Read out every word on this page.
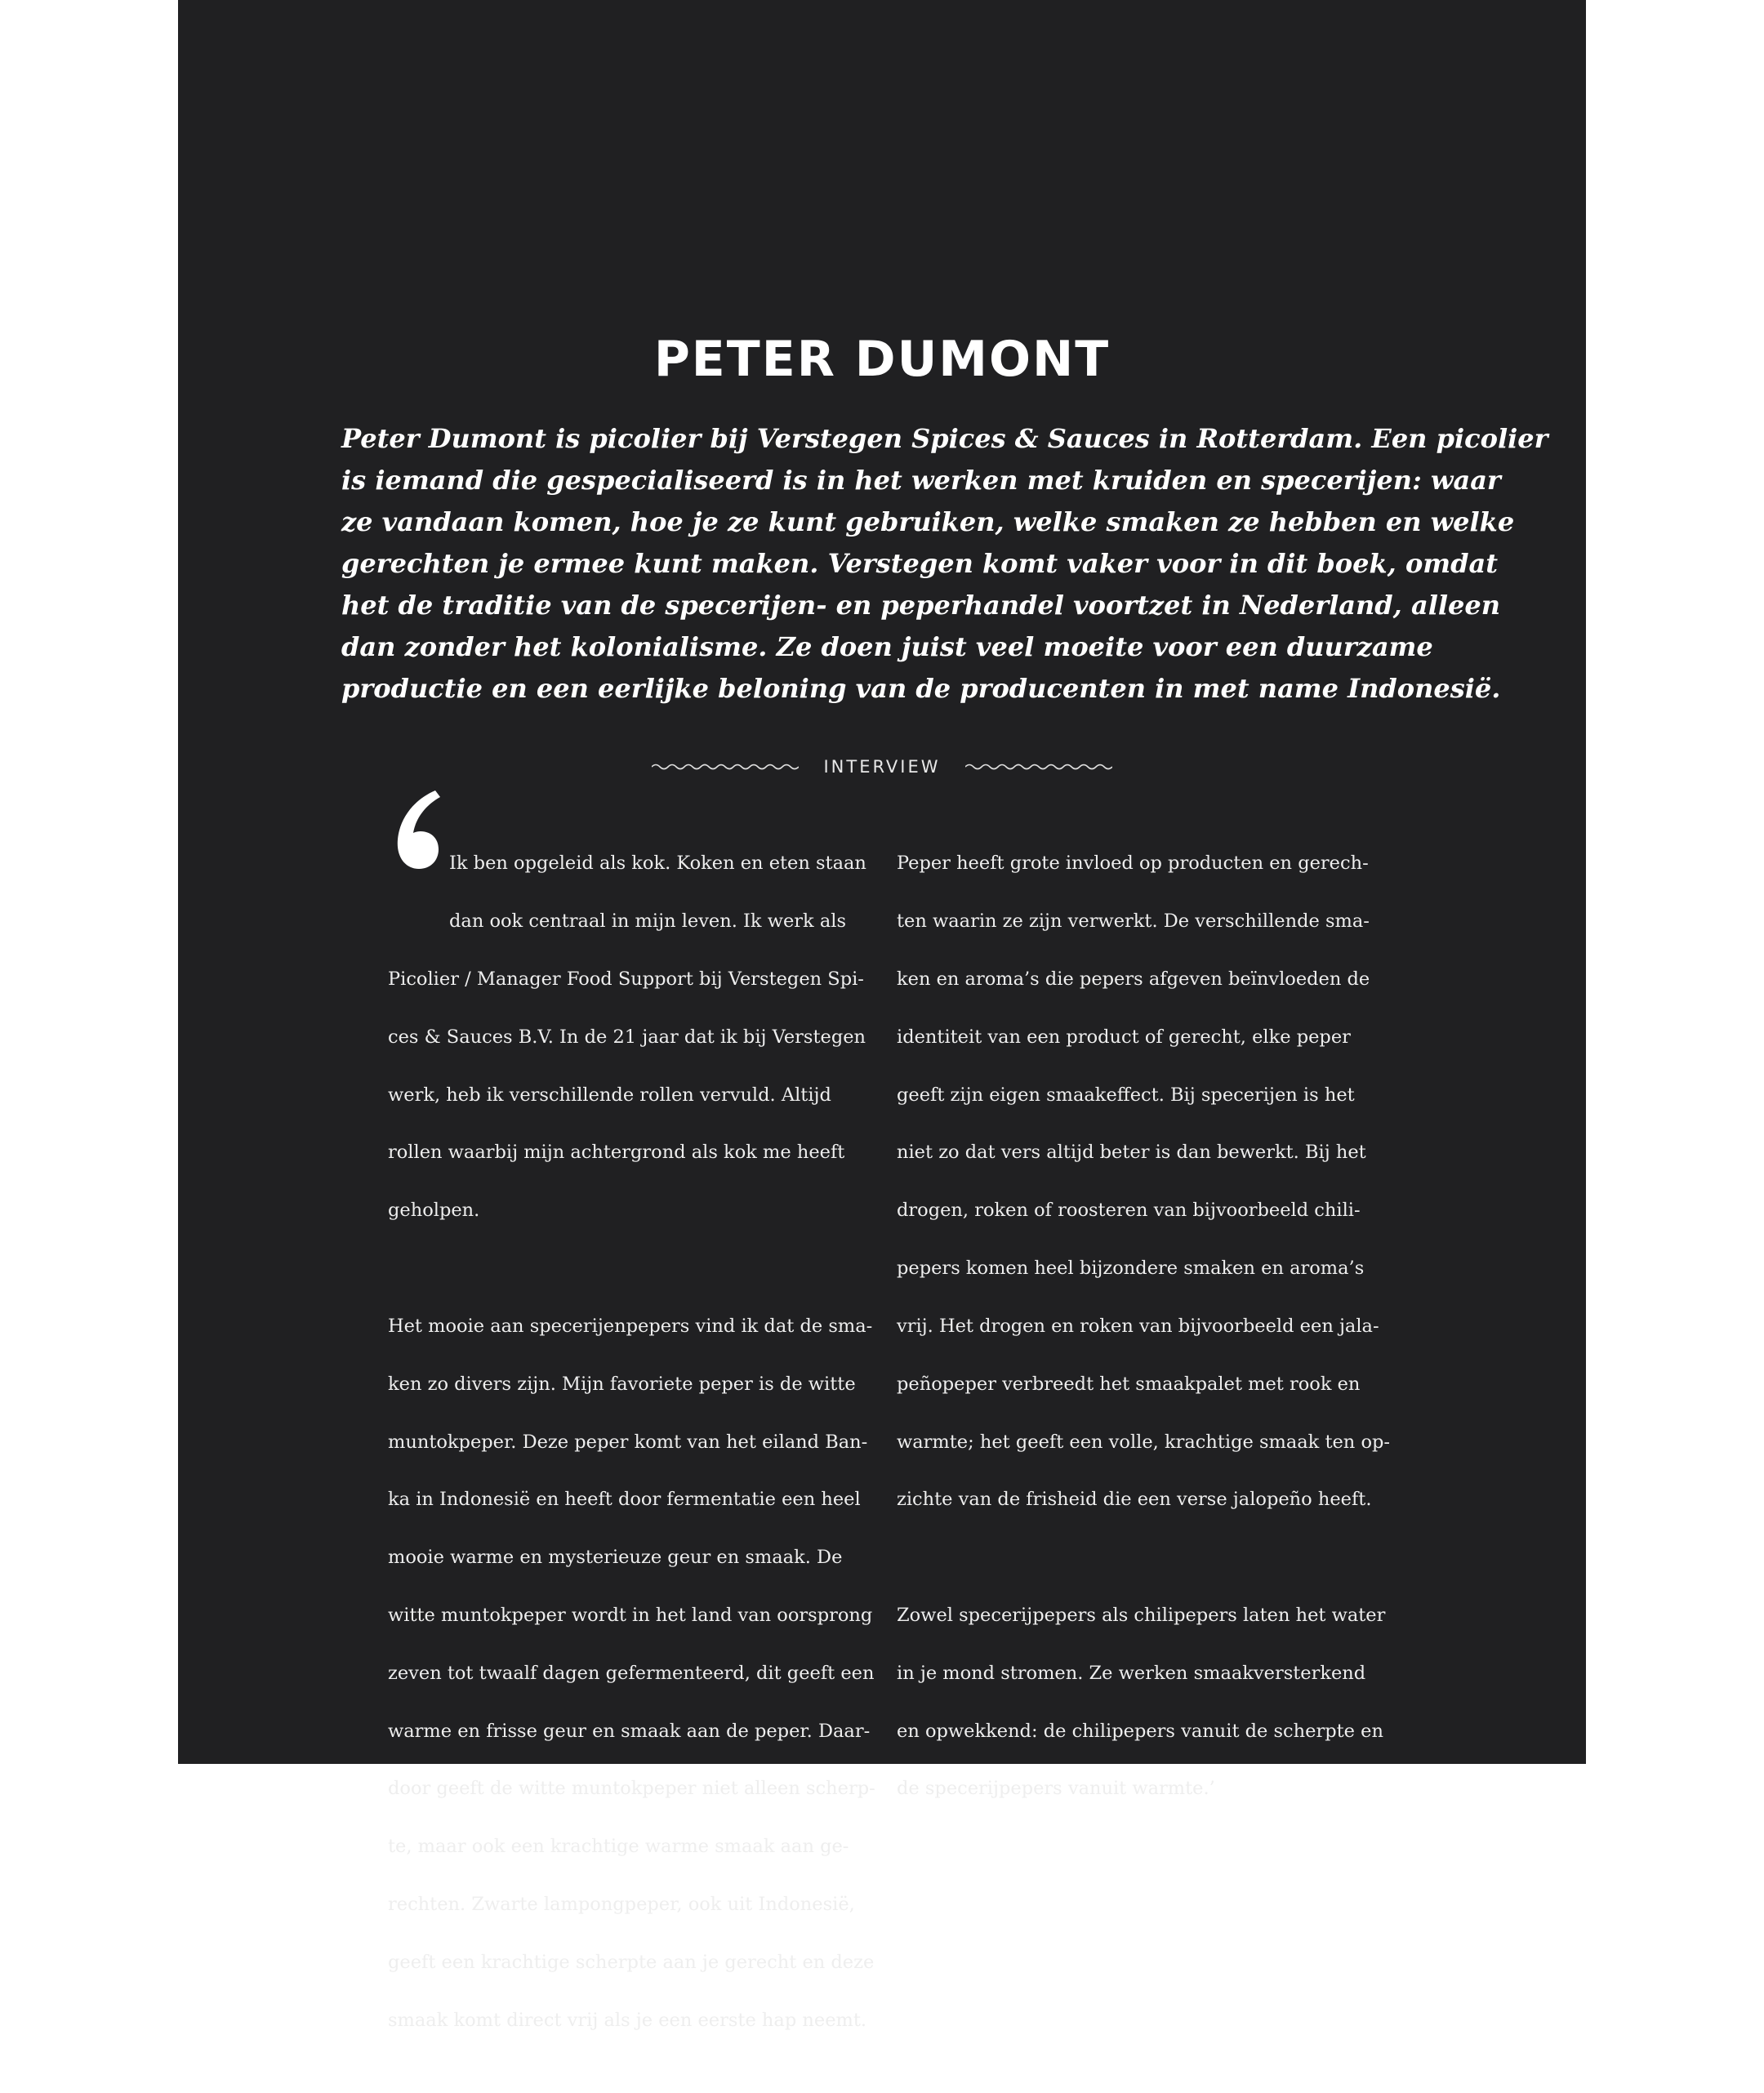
PETER DUMONT

Peter Dumont is picolier bij Verstegen Spices & Sauces in Rotterdam. Een picolier
is iemand die gespecialiseerd is in het werken met kruiden en specerijen: waar
ze vandaan komen, hoe je ze kunt gebruiken, welke smaken ze hebben en welke
gerechten je ermee kunt maken. Verstegen komt vaker voor in dit boek, omdat
het de traditie van de specerijen- en peperhandel voortzet in Nederland, alleen
dan zonder het kolonialisme. Ze doen juist veel moeite voor een duurzame
productie en een eerlijke beloning van de producenten in met name Indonesië.

INTERVIEW

Ik ben opgeleid als kok. Koken en eten staan

dan ook centraal in mijn leven. Ik werk als

Picolier / Manager Food Support bij Verstegen Spi-

ces & Sauces B.V. In de 21 jaar dat ik bij Verstegen

werk, heb ik verschillende rollen vervuld. Altijd

rollen waarbij mijn achtergrond als kok me heeft

geholpen.

Het mooie aan specerijenpepers vind ik dat de sma-

ken zo divers zijn. Mijn favoriete peper is de witte

muntokpeper. Deze peper komt van het eiland Ban-

ka in Indonesië en heeft door fermentatie een heel

mooie warme en mysterieuze geur en smaak. De

witte muntokpeper wordt in het land van oorsprong

zeven tot twaalf dagen gefermenteerd, dit geeft een

warme en frisse geur en smaak aan de peper. Daar-

door geeft de witte muntokpeper niet alleen scherp-

te, maar ook een krachtige warme smaak aan ge-

rechten. Zwarte lampongpeper, ook uit Indonesië,

geeft een krachtige scherpte aan je gerecht en deze

smaak komt direct vrij als je een eerste hap neemt.

Peper heeft grote invloed op producten en gerech-

ten waarin ze zijn verwerkt. De verschillende sma-

ken en aroma’s die pepers afgeven beïnvloeden de

identiteit van een product of gerecht, elke peper

geeft zijn eigen smaakeffect. Bij specerijen is het

niet zo dat vers altijd beter is dan bewerkt. Bij het

drogen, roken of roosteren van bijvoorbeeld chili-

pepers komen heel bijzondere smaken en aroma’s

vrij. Het drogen en roken van bijvoorbeeld een jala-

peñopeper verbreedt het smaakpalet met rook en

warmte; het geeft een volle, krachtige smaak ten op-

zichte van de frisheid die een verse jalopeño heeft.

Zowel specerijpepers als chilipepers laten het water

in je mond stromen. Ze werken smaakversterkend

en opwekkend: de chilipepers vanuit de scherpte en

de specerijpepers vanuit warmte.’
